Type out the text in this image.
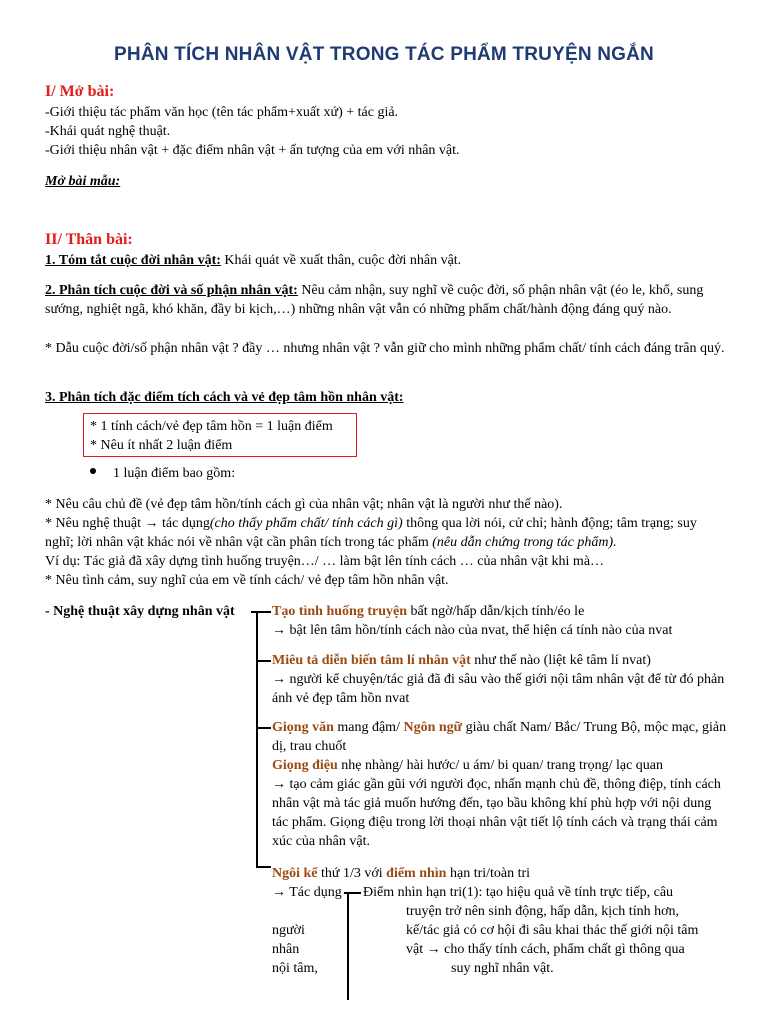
PHÂN TÍCH NHÂN VẬT TRONG TÁC PHẨM TRUYỆN NGẮN
I/ Mở bài:
-Giới thiệu tác phẩm văn học (tên tác phẩm+xuất xứ) + tác giả.
-Khái quát nghệ thuật.
-Giới thiệu nhân vật + đặc điểm nhân vật + ấn tượng của em với nhân vật.
Mở bài mẫu:
II/ Thân bài:
1. Tóm tắt cuộc đời nhân vật: Khái quát về xuất thân, cuộc đời nhân vật.
2. Phân tích cuộc đời và số phận nhân vật: Nêu cảm nhận, suy nghĩ về cuộc đời, số phận nhân vật (éo le, khổ, sung sướng, nghiệt ngã, khó khăn, đầy bi kịch,…) những nhân vật vẫn có những phẩm chất/hành động đáng quý nào.
* Dẫu cuộc đời/số phận nhân vật ? đầy … nhưng nhân vật ? vẫn giữ cho mình những phẩm chất/ tính cách đáng trân quý.
3. Phân tích đặc điểm tích cách và vẻ đẹp tâm hồn nhân vật:
* 1 tính cách/vẻ đẹp tâm hồn = 1 luận điểm
* Nêu ít nhất 2 luận điểm
1 luận điểm bao gồm:
* Nêu câu chủ đề (vẻ đẹp tâm hồn/tính cách gì của nhân vật; nhân vật là người như thế nào).
* Nêu nghệ thuật → tác dụng(cho thấy phẩm chất/ tính cách gì) thông qua lời nói, cử chỉ; hành động; tâm trạng; suy nghĩ; lời nhân vật khác nói về nhân vật cần phân tích trong tác phẩm (nêu dẫn chứng trong tác phẩm).
Ví dụ: Tác giả đã xây dựng tình huống truyện…/ … làm bật lên tính cách … của nhân vật khi mà…
* Nêu tình cảm, suy nghĩ của em về tính cách/ vẻ đẹp tâm hồn nhân vật.
- Nghệ thuật xây dựng nhân vật	Tạo tình huống truyện bất ngờ/hấp dẫn/kịch tính/éo le
→ bật lên tâm hồn/tính cách nào của nvat, thể hiện cá tính nào của nvat
Miêu tả diễn biến tâm lí nhân vật như thế nào (liệt kê tâm lí nvat)
→ người kể chuyện/tác giả đã đi sâu vào thế giới nội tâm nhân vật để từ đó phản ánh vẻ đẹp tâm hồn nvat
Giọng văn mang đậm/ Ngôn ngữ giàu chất Nam/ Bắc/ Trung Bộ, mộc mạc, giản dị, trau chuốt
Giọng điệu nhẹ nhàng/ hài hước/ u ám/ bi quan/ trang trọng/ lạc quan
→ tạo cảm giác gần gũi với người đọc, nhấn mạnh chủ đề, thông điệp, tính cách nhân vật mà tác giả muốn hướng đến, tạo bầu không khí phù hợp với nội dung tác phẩm. Giọng điệu trong lời thoại nhân vật tiết lộ tính cách và trạng thái cảm xúc của nhân vật.
Ngôi kể thứ 1/3 với điểm nhìn hạn tri/toàn tri
→ Tác dụng Điểm nhìn hạn tri(1): tạo hiệu quả về tính trực tiếp, câu
truyện trở nên sinh động, hấp dẫn, kịch tính hơn,
kế/tác giả có cơ hội đi sâu khai thác thế giới nội tâm
vật → cho thấy tính cách, phẩm chất gì thông qua
suy nghĩ nhân vật.
người
nhân
nội tâm,
